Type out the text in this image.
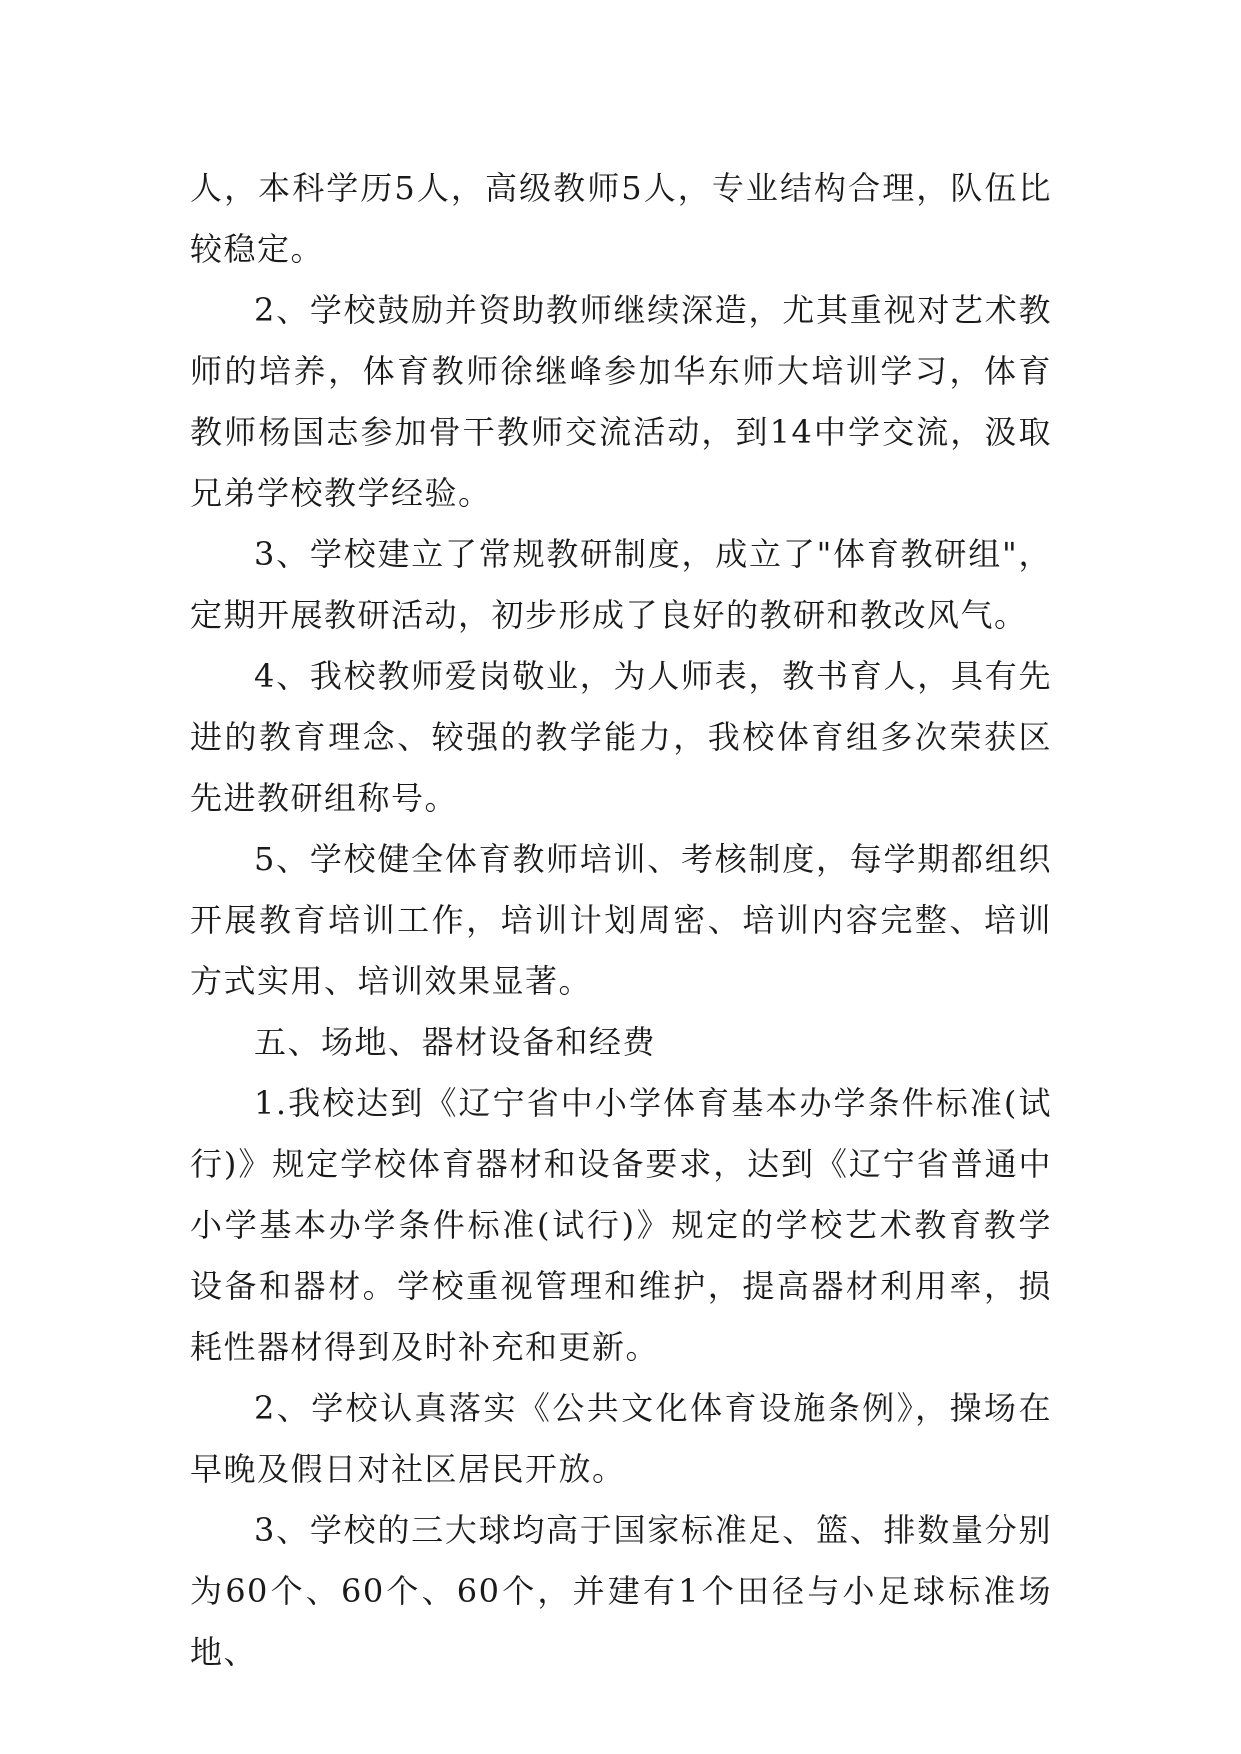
人，本科学历5人，高级教师5人，专业结构合理，队伍比较稳定。

2、学校鼓励并资助教师继续深造，尤其重视对艺术教师的培养，体育教师徐继峰参加华东师大培训学习，体育教师杨国志参加骨干教师交流活动，到14中学交流，汲取兄弟学校教学经验。

3、学校建立了常规教研制度，成立了"体育教研组"，定期开展教研活动，初步形成了良好的教研和教改风气。

4、我校教师爱岗敬业，为人师表，教书育人，具有先进的教育理念、较强的教学能力，我校体育组多次荣获区先进教研组称号。

5、学校健全体育教师培训、考核制度，每学期都组织开展教育培训工作，培训计划周密、培训内容完整、培训方式实用、培训效果显著。

五、场地、器材设备和经费

1.我校达到《辽宁省中小学体育基本办学条件标准(试行)》规定学校体育器材和设备要求，达到《辽宁省普通中小学基本办学条件标准(试行)》规定的学校艺术教育教学设备和器材。学校重视管理和维护，提高器材利用率，损耗性器材得到及时补充和更新。

2、学校认真落实《公共文化体育设施条例》，操场在早晚及假日对社区居民开放。

3、学校的三大球均高于国家标准足、篮、排数量分别为60个、60个、60个，并建有1个田径与小足球标准场地、
